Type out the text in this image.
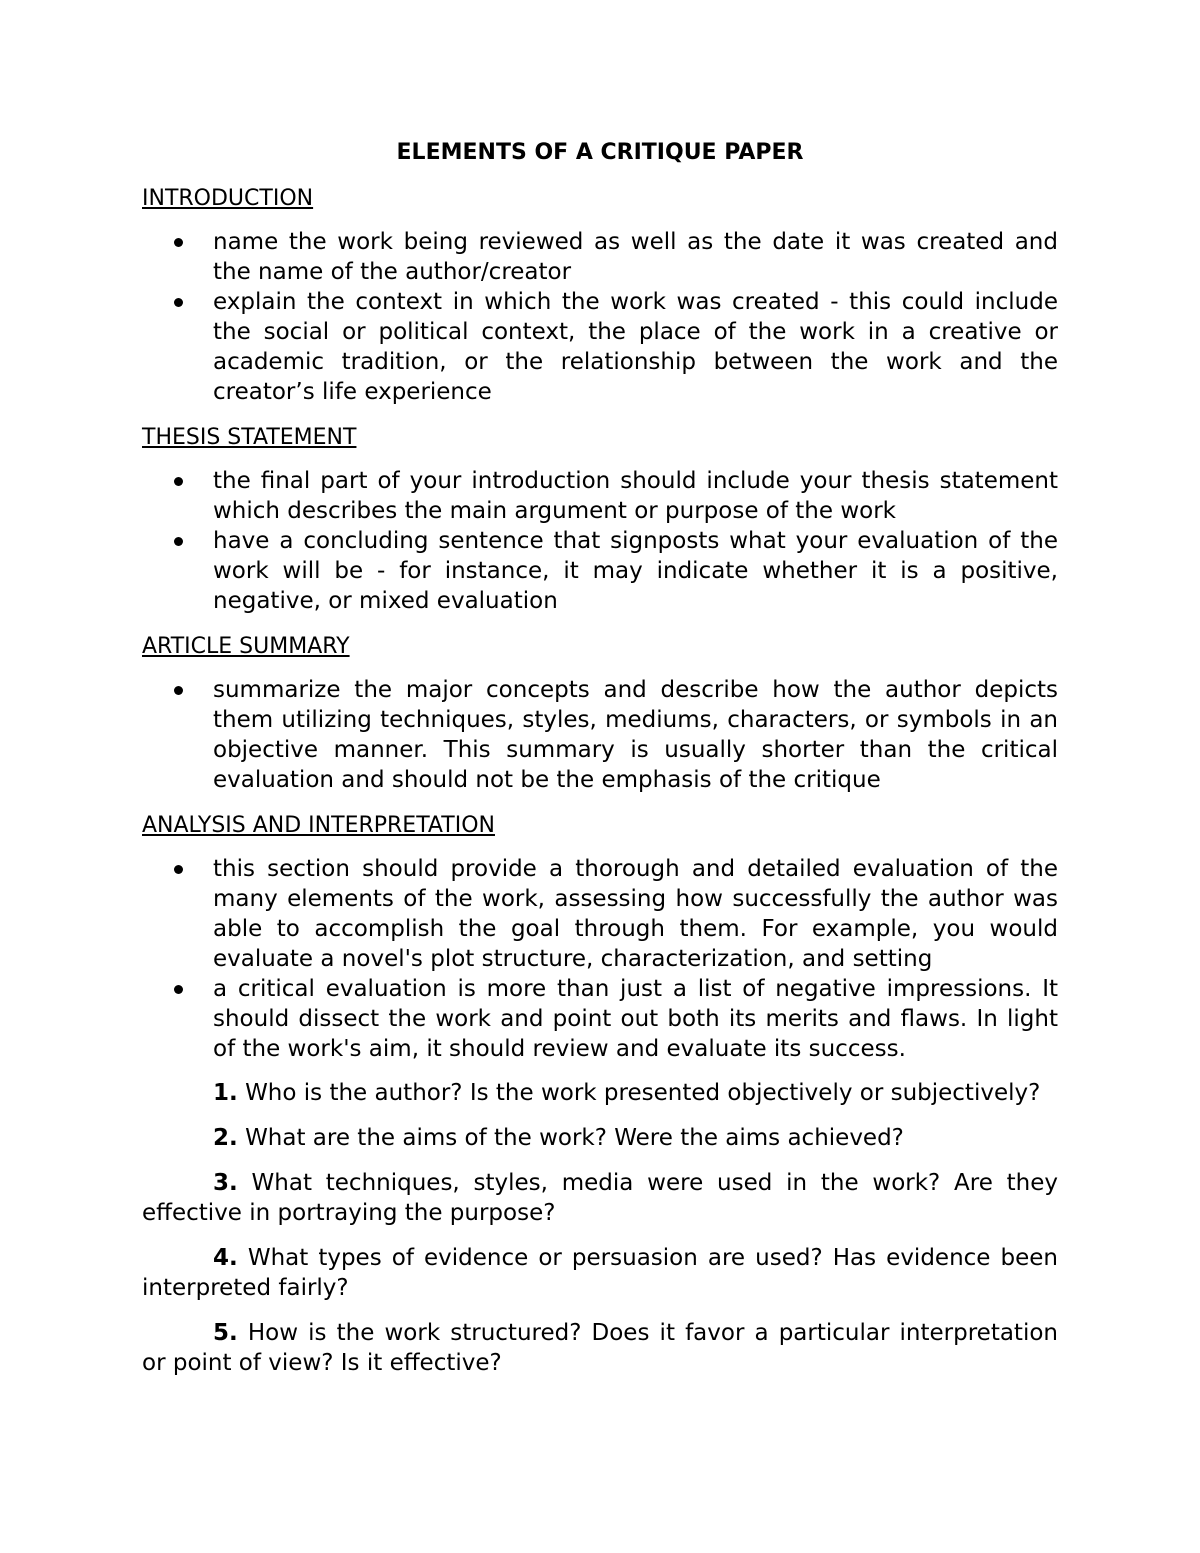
ELEMENTS OF A CRITIQUE PAPER
INTRODUCTION
name the work being reviewed as well as the date it was created and the name of the author/creator
explain the context in which the work was created - this could include the social or political context, the place of the work in a creative or academic tradition, or the relationship between the work and the creator’s life experience
THESIS STATEMENT
the final part of your introduction should include your thesis statement which describes the main argument or purpose of the work
have a concluding sentence that signposts what your evaluation of the work will be - for instance, it may indicate whether it is a positive, negative, or mixed evaluation
ARTICLE SUMMARY
summarize the major concepts and describe how the author depicts them utilizing techniques, styles, mediums, characters, or symbols in an objective manner. This summary is usually shorter than the critical evaluation and should not be the emphasis of the critique
ANALYSIS AND INTERPRETATION
this section should provide a thorough and detailed evaluation of the many elements of the work, assessing how successfully the author was able to accomplish the goal through them. For example, you would evaluate a novel's plot structure, characterization, and setting
a critical evaluation is more than just a list of negative impressions. It should dissect the work and point out both its merits and flaws. In light of the work's aim, it should review and evaluate its success.

1. Who is the author? Is the work presented objectively or subjectively?

2. What are the aims of the work? Were the aims achieved?

3. What techniques, styles, media were used in the work? Are they effective in portraying the purpose?

4. What types of evidence or persuasion are used? Has evidence been interpreted fairly?

5. How is the work structured? Does it favor a particular interpretation or point of view? Is it effective?
